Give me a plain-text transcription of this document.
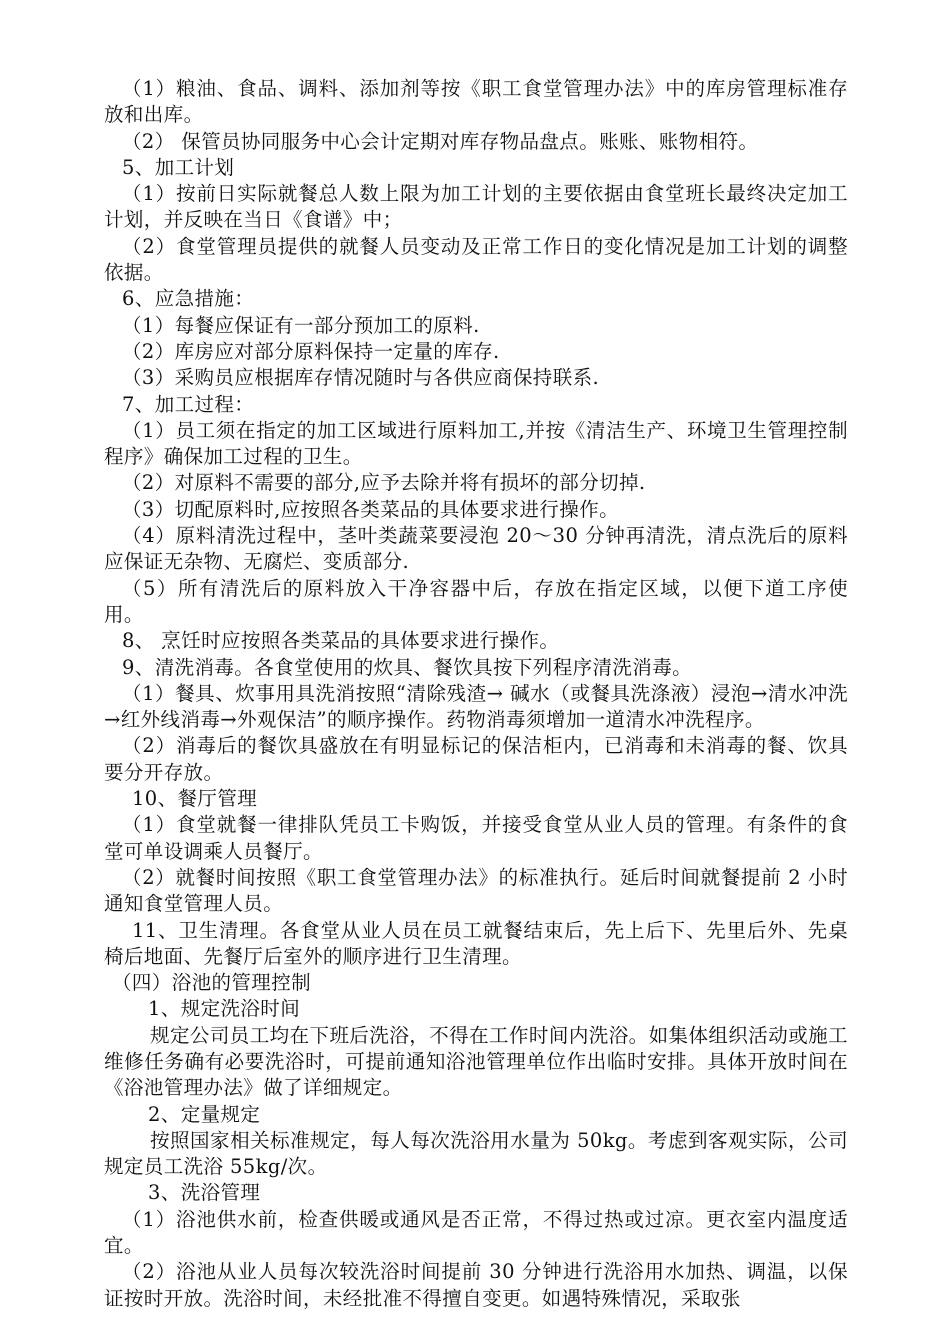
（1）粮油、食品、调料、添加剂等按《职工食堂管理办法》中的库房管理标准存放和出库。

（2） 保管员协同服务中心会计定期对库存物品盘点。账账、账物相符。

5、加工计划

（1）按前日实际就餐总人数上限为加工计划的主要依据由食堂班长最终决定加工计划，并反映在当日《食谱》中；

（2）食堂管理员提供的就餐人员变动及正常工作日的变化情况是加工计划的调整依据。

6、应急措施：

（1）每餐应保证有一部分预加工的原料.

（2）库房应对部分原料保持一定量的库存.

（3）采购员应根据库存情况随时与各供应商保持联系.

7、加工过程：

（1）员工须在指定的加工区域进行原料加工,并按《清洁生产、环境卫生管理控制程序》确保加工过程的卫生。

（2）对原料不需要的部分,应予去除并将有损坏的部分切掉.

（3）切配原料时,应按照各类菜品的具体要求进行操作。

（4）原料清洗过程中，茎叶类蔬菜要浸泡 20～30 分钟再清洗，清点洗后的原料应保证无杂物、无腐烂、变质部分.

（5）所有清洗后的原料放入干净容器中后，存放在指定区域，以便下道工序使用。

8、 烹饪时应按照各类菜品的具体要求进行操作。

9、清洗消毒。各食堂使用的炊具、餐饮具按下列程序清洗消毒。

（1）餐具、炊事用具洗消按照“清除残渣→ 碱水（或餐具洗涤液）浸泡→清水冲洗→红外线消毒→外观保洁”的顺序操作。药物消毒须增加一道清水冲洗程序。

（2）消毒后的餐饮具盛放在有明显标记的保洁柜内，已消毒和未消毒的餐、饮具要分开存放。

10、餐厅管理

（1）食堂就餐一律排队凭员工卡购饭，并接受食堂从业人员的管理。有条件的食堂可单设调乘人员餐厅。

（2）就餐时间按照《职工食堂管理办法》的标准执行。延后时间就餐提前 2 小时通知食堂管理人员。

11、卫生清理。各食堂从业人员在员工就餐结束后，先上后下、先里后外、先桌椅后地面、先餐厅后室外的顺序进行卫生清理。

（四）浴池的管理控制

1、规定洗浴时间

规定公司员工均在下班后洗浴，不得在工作时间内洗浴。如集体组织活动或施工维修任务确有必要洗浴时，可提前通知浴池管理单位作出临时安排。具体开放时间在《浴池管理办法》做了详细规定。

2、定量规定

按照国家相关标准规定，每人每次洗浴用水量为 50kg。考虑到客观实际，公司规定员工洗浴 55kg/次。

3、洗浴管理

（1）浴池供水前，检查供暖或通风是否正常，不得过热或过凉。更衣室内温度适宜。

（2）浴池从业人员每次较洗浴时间提前 30 分钟进行洗浴用水加热、调温，以保证按时开放。洗浴时间，未经批准不得擅自变更。如遇特殊情况，采取张
